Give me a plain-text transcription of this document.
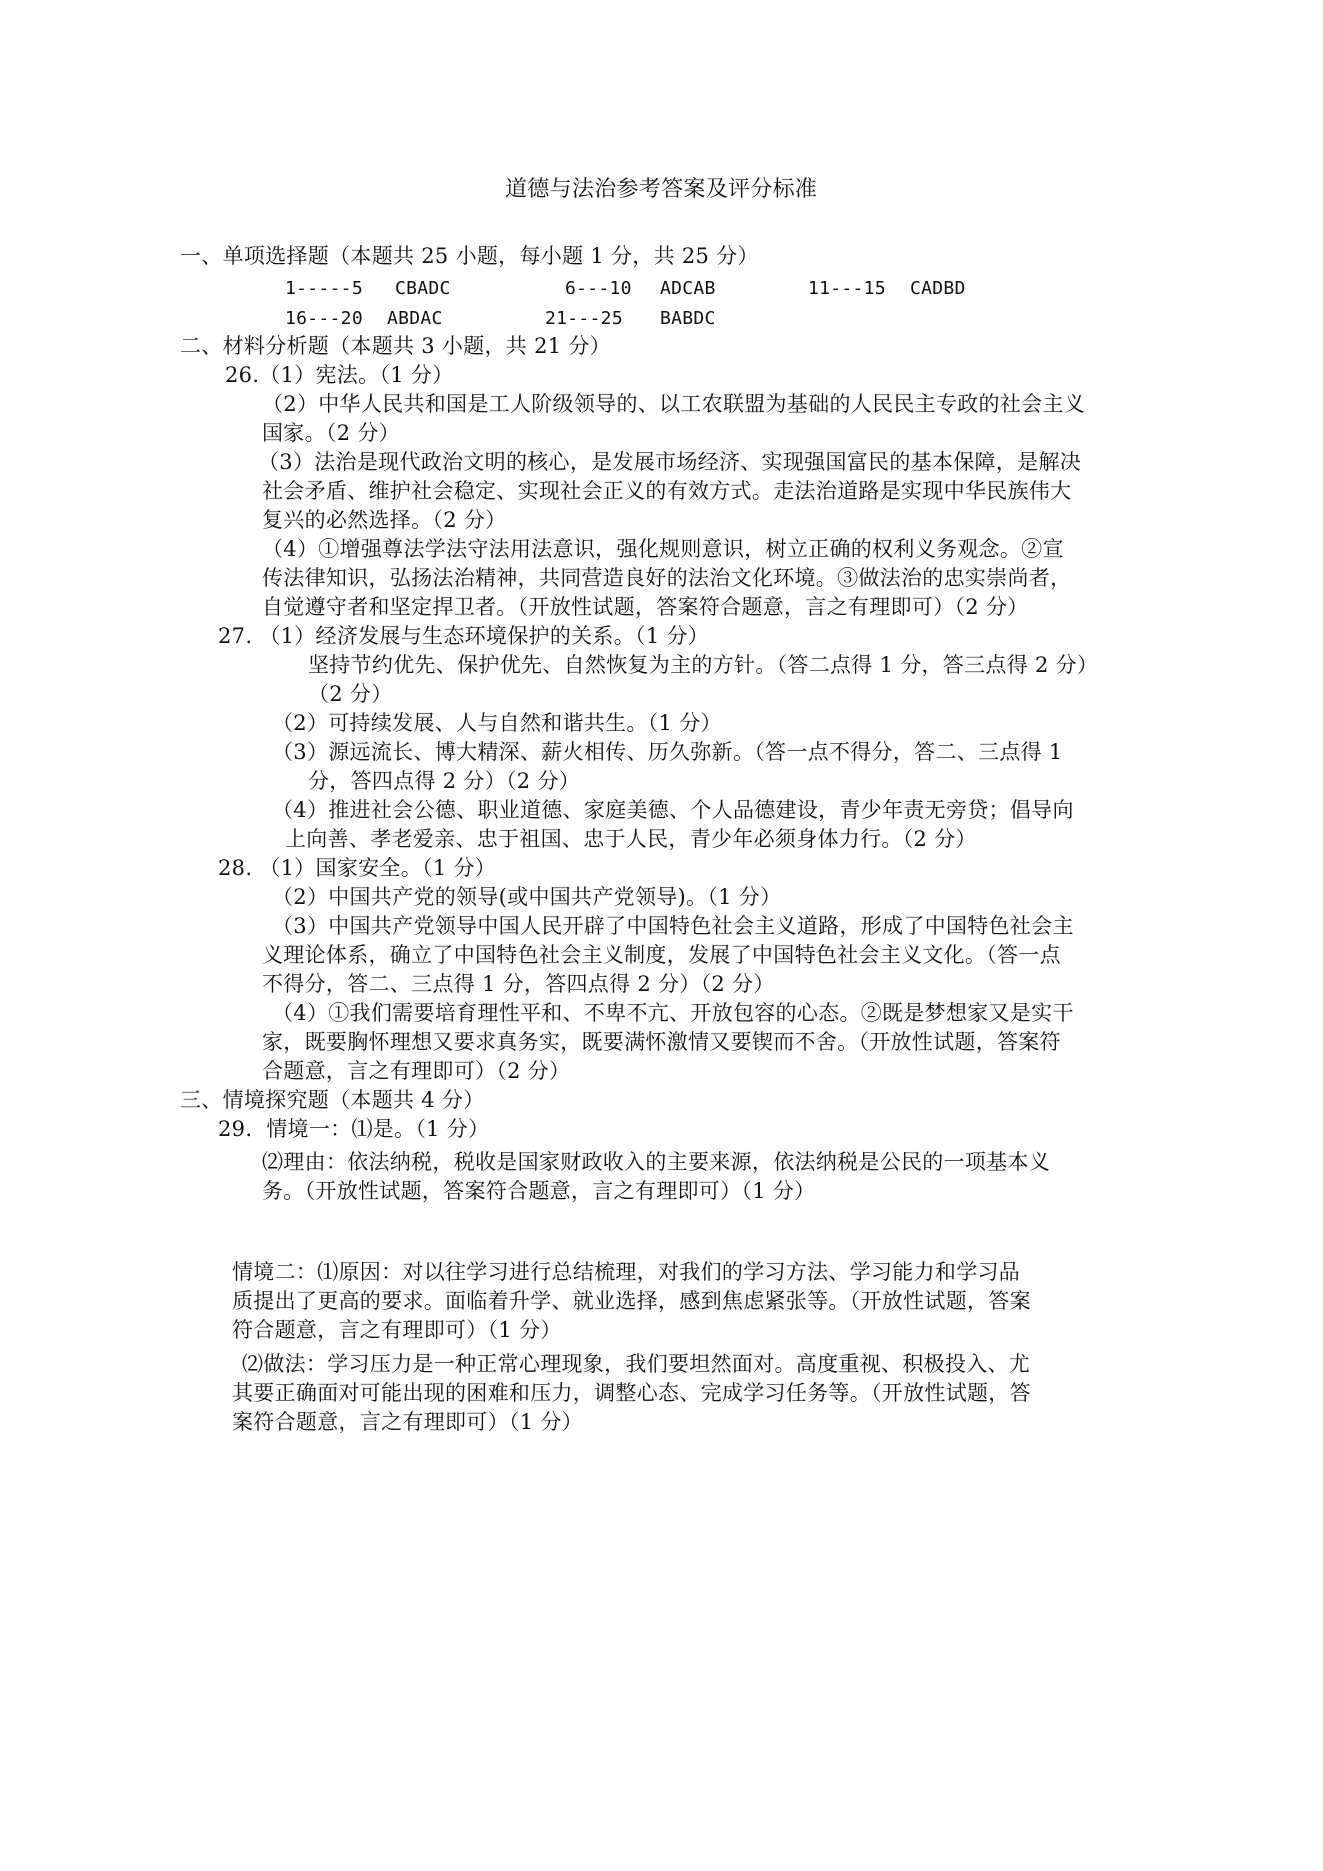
道德与法治参考答案及评分标准
一、单项选择题（本题共 25 小题，每小题 1 分，共 25 分）
1-----5 CBADC	6---10 ADCAB	11---15 CADBD
16---20 ABDAC	21---25 BABDC
二、材料分析题（本题共 3 小题，共 21 分）
26.（1）宪法。（1 分）
（2）中华人民共和国是工人阶级领导的、以工农联盟为基础的人民民主专政的社会主义
国家。（2 分）
（3）法治是现代政治文明的核心，是发展市场经济、实现强国富民的基本保障，是解决
社会矛盾、维护社会稳定、实现社会正义的有效方式。走法治道路是实现中华民族伟大
复兴的必然选择。（2 分）
（4）①增强尊法学法守法用法意识，强化规则意识，树立正确的权利义务观念。②宣
传法律知识，弘扬法治精神，共同营造良好的法治文化环境。③做法治的忠实崇尚者，
自觉遵守者和坚定捍卫者。（开放性试题，答案符合题意，言之有理即可）（2 分）
27. （1）经济发展与生态环境保护的关系。（1 分）
坚持节约优先、保护优先、自然恢复为主的方针。（答二点得 1 分，答三点得 2 分）
（2 分）
（2）可持续发展、人与自然和谐共生。（1 分）
（3）源远流长、博大精深、薪火相传、历久弥新。（答一点不得分，答二、三点得 1
分，答四点得 2 分）（2 分）
（4）推进社会公德、职业道德、家庭美德、个人品德建设，青少年责无旁贷；倡导向
上向善、孝老爱亲、忠于祖国、忠于人民，青少年必须身体力行。（2 分）
28. （1）国家安全。（1 分）
（2）中国共产党的领导(或中国共产党领导)。（1 分）
（3）中国共产党领导中国人民开辟了中国特色社会主义道路，形成了中国特色社会主
义理论体系，确立了中国特色社会主义制度，发展了中国特色社会主义文化。（答一点
不得分，答二、三点得 1 分，答四点得 2 分）（2 分）
（4）①我们需要培育理性平和、不卑不亢、开放包容的心态。②既是梦想家又是实干
家，既要胸怀理想又要求真务实，既要满怀激情又要锲而不舍。（开放性试题，答案符
合题意，言之有理即可）（2 分）
三、情境探究题（本题共 4 分）
29.  情境一：⑴是。（1 分）
⑵理由：依法纳税，税收是国家财政收入的主要来源，依法纳税是公民的一项基本义
务。（开放性试题，答案符合题意，言之有理即可）（1 分）
情境二：⑴原因：对以往学习进行总结梳理，对我们的学习方法、学习能力和学习品
质提出了更高的要求。面临着升学、就业选择，感到焦虑紧张等。（开放性试题，答案
符合题意，言之有理即可）（1 分）
⑵做法：学习压力是一种正常心理现象，我们要坦然面对。高度重视、积极投入、尤
其要正确面对可能出现的困难和压力，调整心态、完成学习任务等。（开放性试题，答
案符合题意，言之有理即可）（1 分）
